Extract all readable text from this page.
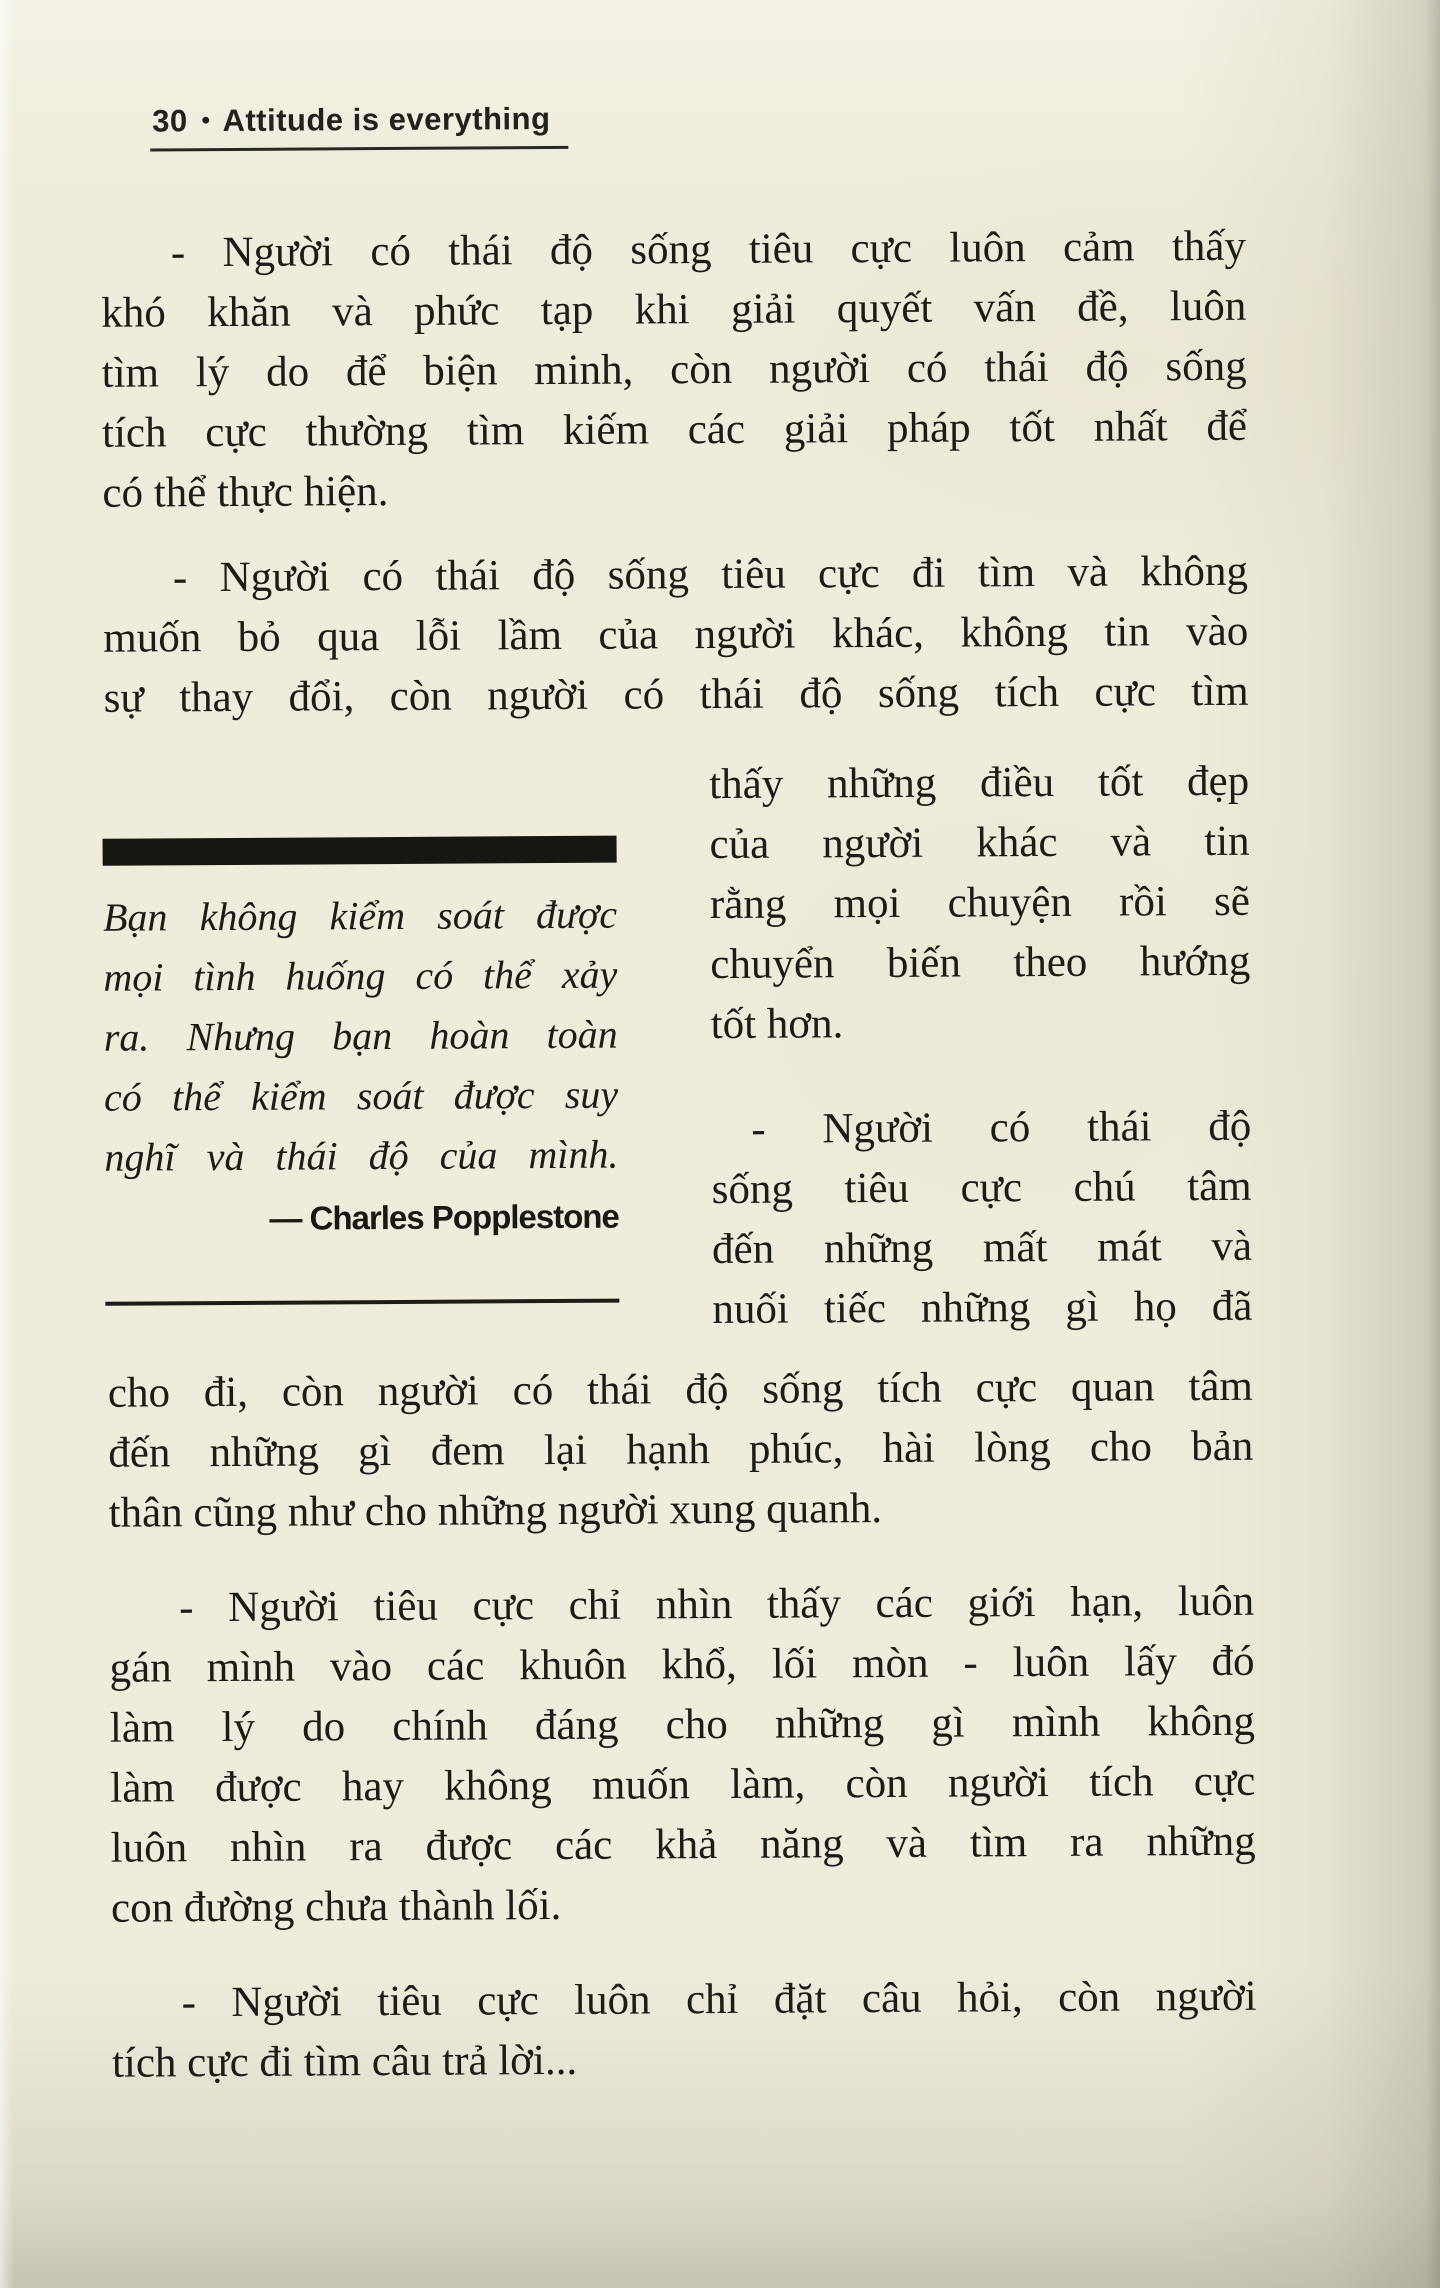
30 • Attitude is everything
- Người có thái độ sống tiêu cực luôn cảm thấy
khó khăn và phức tạp khi giải quyết vấn đề, luôn
tìm lý do để biện minh, còn người có thái độ sống
tích cực thường tìm kiếm các giải pháp tốt nhất để
có thể thực hiện.
- Người có thái độ sống tiêu cực đi tìm và không
muốn bỏ qua lỗi lầm của người khác, không tin vào
sự thay đổi, còn người có thái độ sống tích cực tìm
thấy những điều tốt đẹp
của người khác và tin
rằng mọi chuyện rồi sẽ
chuyển biến theo hướng
tốt hơn.
- Người có thái độ
sống tiêu cực chú tâm
đến những mất mát và
nuối tiếc những gì họ đã
cho đi, còn người có thái độ sống tích cực quan tâm
đến những gì đem lại hạnh phúc, hài lòng cho bản
thân cũng như cho những người xung quanh.
- Người tiêu cực chỉ nhìn thấy các giới hạn, luôn
gán mình vào các khuôn khổ, lối mòn - luôn lấy đó
làm lý do chính đáng cho những gì mình không
làm được hay không muốn làm, còn người tích cực
luôn nhìn ra được các khả năng và tìm ra những
con đường chưa thành lối.
- Người tiêu cực luôn chỉ đặt câu hỏi, còn người
tích cực đi tìm câu trả lời...
Bạn không kiểm soát được
mọi tình huống có thể xảy
ra. Nhưng bạn hoàn toàn
có thể kiểm soát được suy
nghĩ và thái độ của mình.
— Charles Popplestone
